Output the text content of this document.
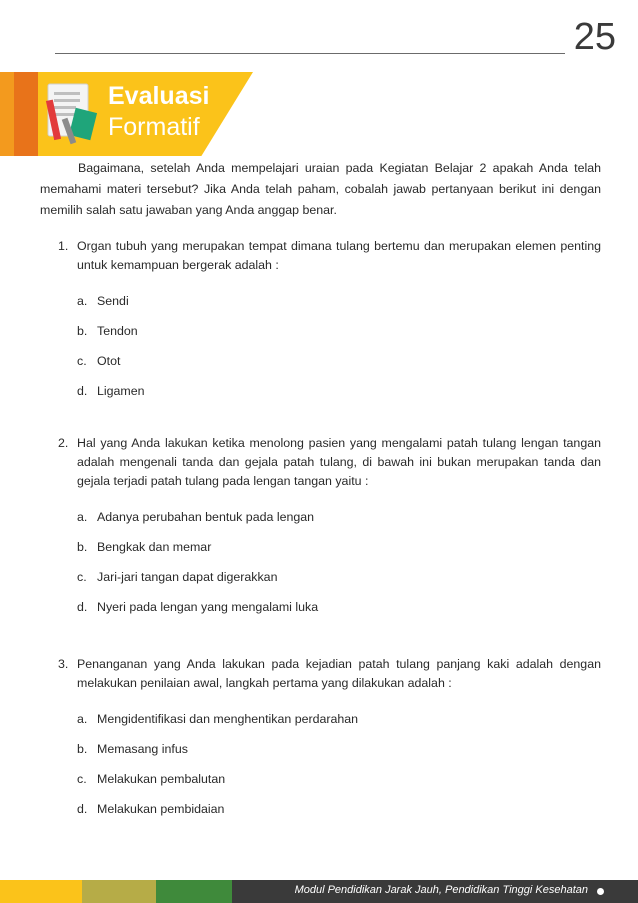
25
Evaluasi
Formatif

Bagaimana, setelah Anda mempelajari uraian pada Kegiatan Belajar 2 apakah Anda telah memahami materi tersebut? Jika Anda telah paham, cobalah jawab pertanyaan berikut ini dengan memilih salah satu jawaban yang Anda anggap benar.

1. Organ tubuh yang merupakan tempat dimana tulang bertemu dan merupakan elemen penting untuk kemampuan bergerak adalah :
a. Sendi
b. Tendon
c. Otot
d. Ligamen
2. Hal yang Anda lakukan ketika menolong pasien yang mengalami patah tulang lengan tangan adalah mengenali tanda dan gejala patah tulang, di bawah ini bukan merupakan tanda dan gejala terjadi patah tulang pada lengan tangan yaitu :
a. Adanya perubahan bentuk pada lengan
b. Bengkak dan memar
c. Jari-jari tangan dapat digerakkan
d. Nyeri pada lengan yang mengalami luka
3. Penanganan yang Anda lakukan pada kejadian patah tulang panjang kaki adalah dengan melakukan penilaian awal, langkah pertama yang dilakukan adalah :
a. Mengidentifikasi dan menghentikan perdarahan
b. Memasang infus
c. Melakukan pembalutan
d. Melakukan pembidaian
Modul Pendidikan Jarak Jauh, Pendidikan Tinggi Kesehatan
